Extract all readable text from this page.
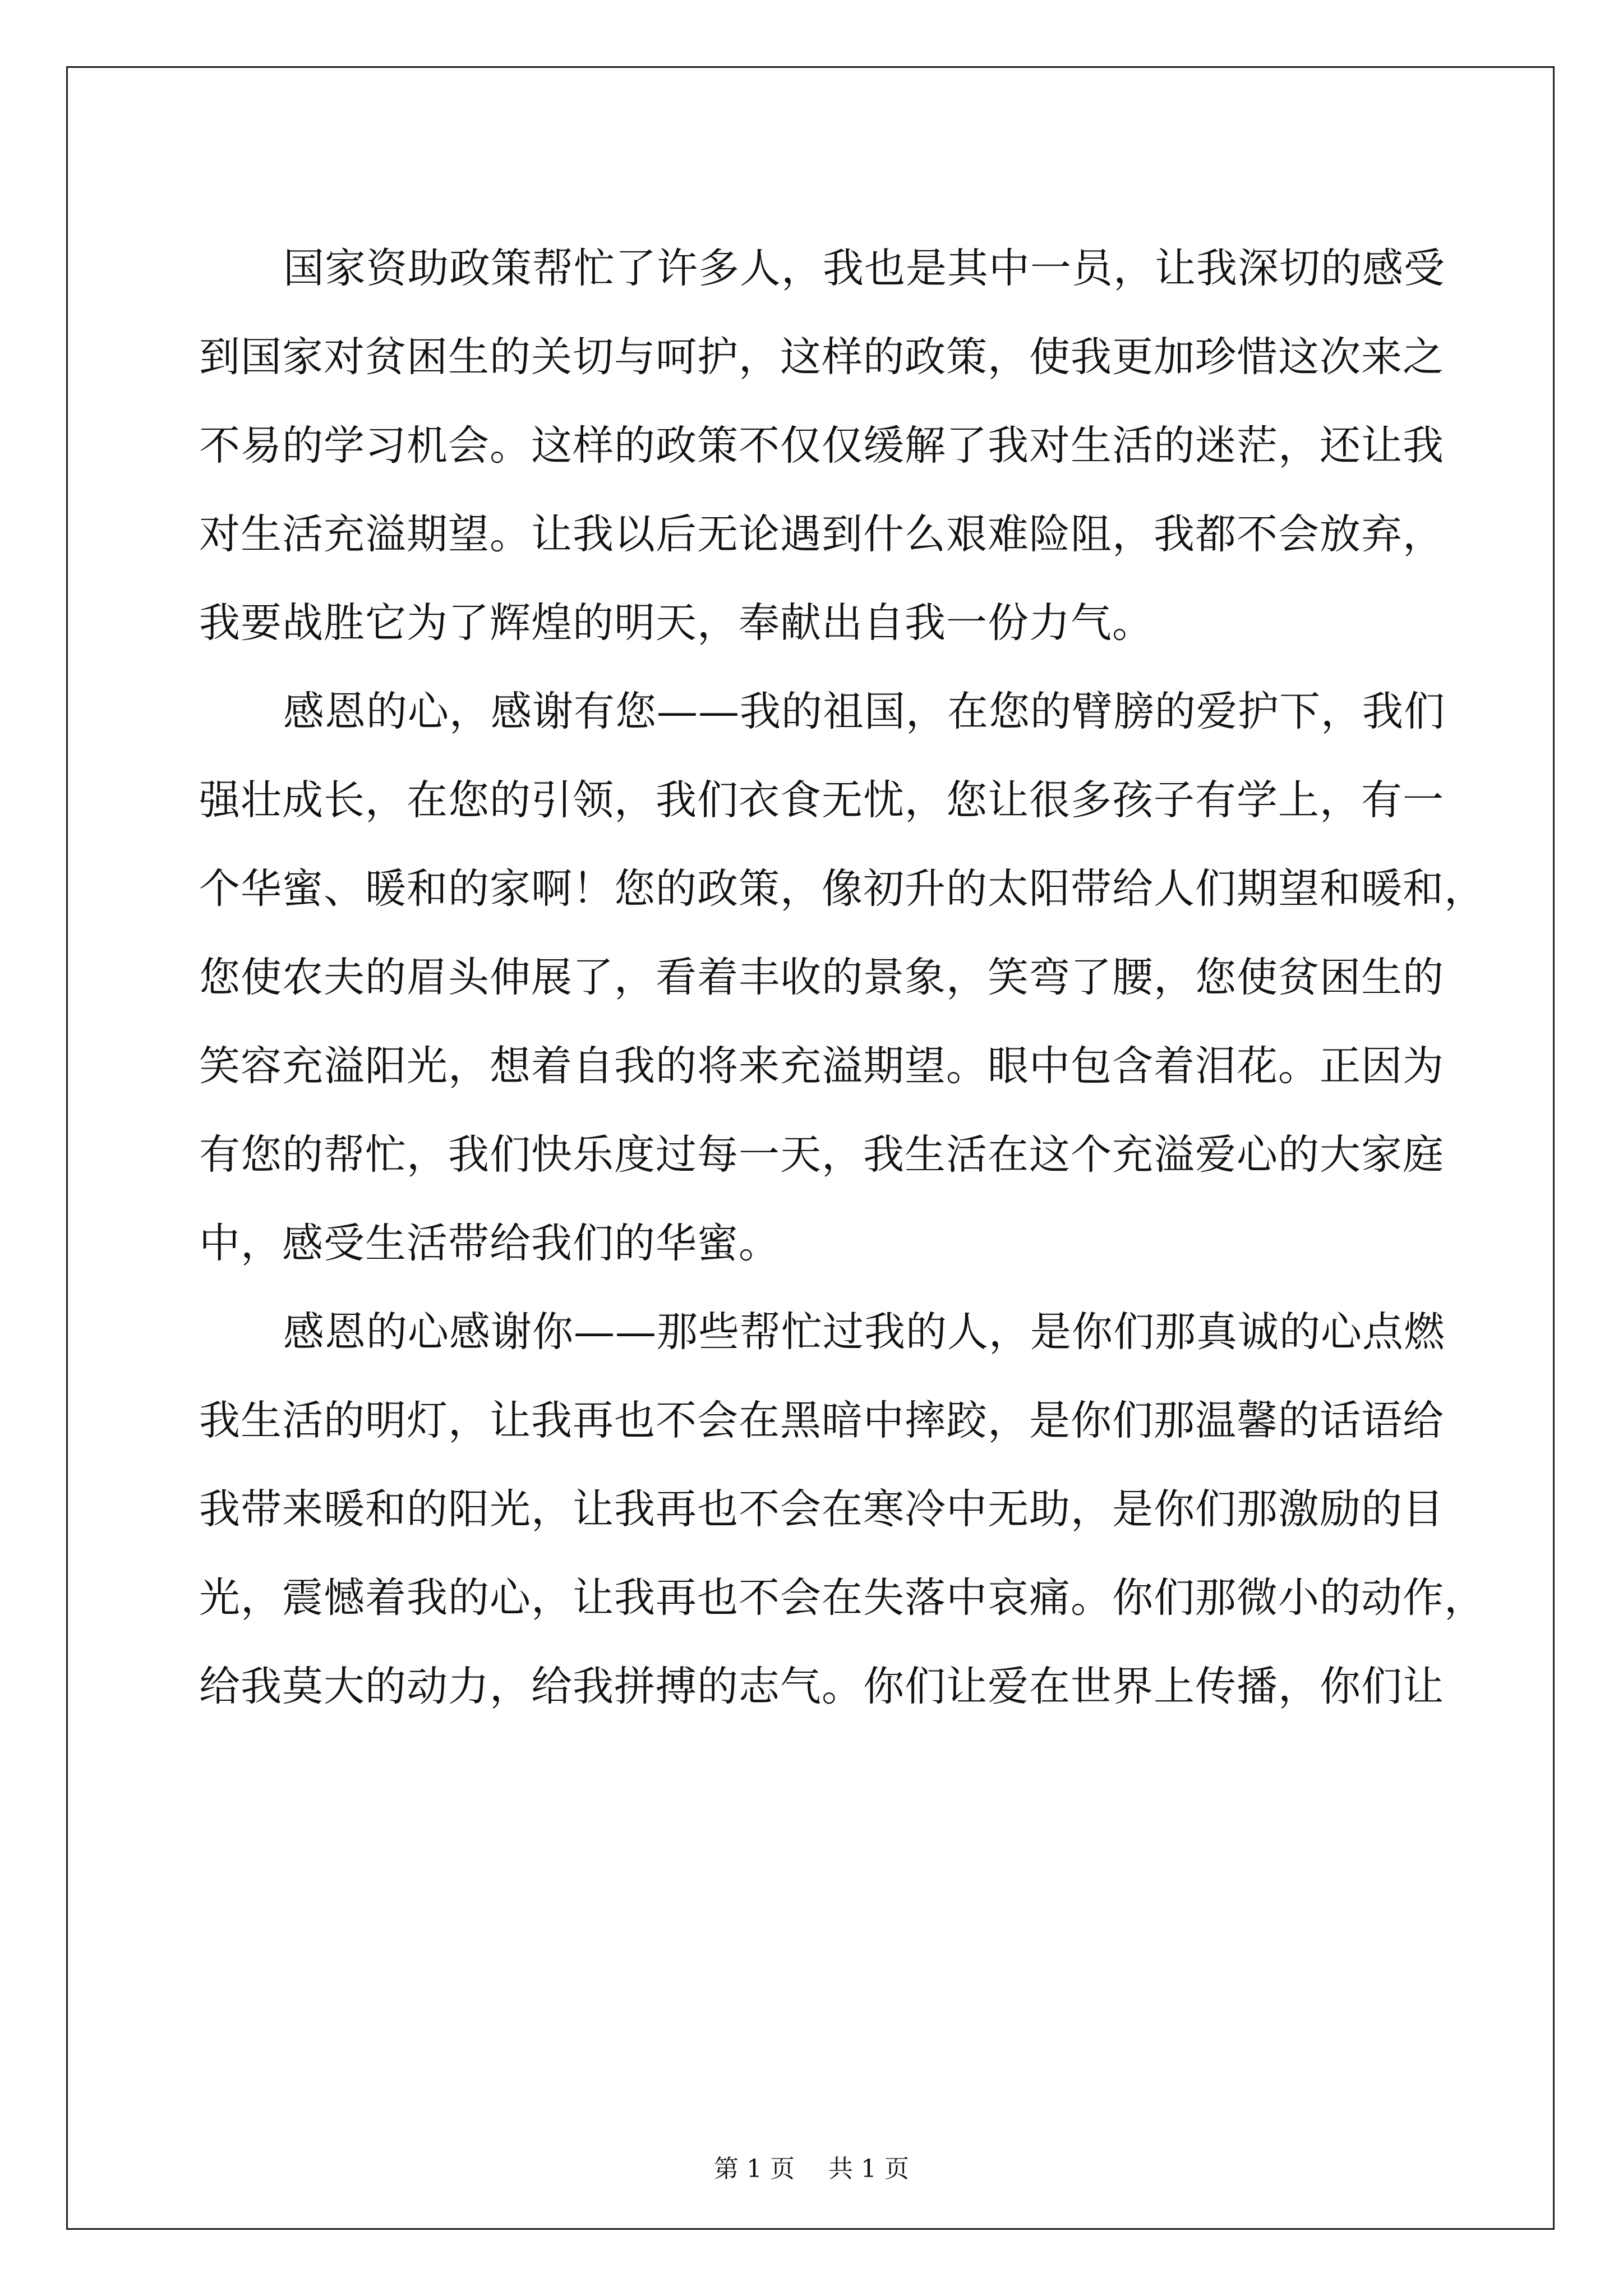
国家资助政策帮忙了许多人，我也是其中一员，让我深切的感受
到国家对贫困生的关切与呵护，这样的政策，使我更加珍惜这次来之
不易的学习机会。这样的政策不仅仅缓解了我对生活的迷茫，还让我
对生活充溢期望。让我以后无论遇到什么艰难险阻，我都不会放弃，
我要战胜它为了辉煌的明天，奉献出自我一份力气。
感恩的心，感谢有您——我的祖国，在您的臂膀的爱护下，我们
强壮成长，在您的引领，我们衣食无忧，您让很多孩子有学上，有一
个华蜜、暖和的家啊！您的政策，像初升的太阳带给人们期望和暖和，
您使农夫的眉头伸展了，看着丰收的景象，笑弯了腰，您使贫困生的
笑容充溢阳光，想着自我的将来充溢期望。眼中包含着泪花。正因为
有您的帮忙，我们快乐度过每一天，我生活在这个充溢爱心的大家庭
中，感受生活带给我们的华蜜。
感恩的心感谢你——那些帮忙过我的人，是你们那真诚的心点燃
我生活的明灯，让我再也不会在黑暗中摔跤，是你们那温馨的话语给
我带来暖和的阳光，让我再也不会在寒冷中无助，是你们那激励的目
光，震憾着我的心，让我再也不会在失落中哀痛。你们那微小的动作，
给我莫大的动力，给我拼搏的志气。你们让爱在世界上传播，你们让
第 1 页 共 1 页
